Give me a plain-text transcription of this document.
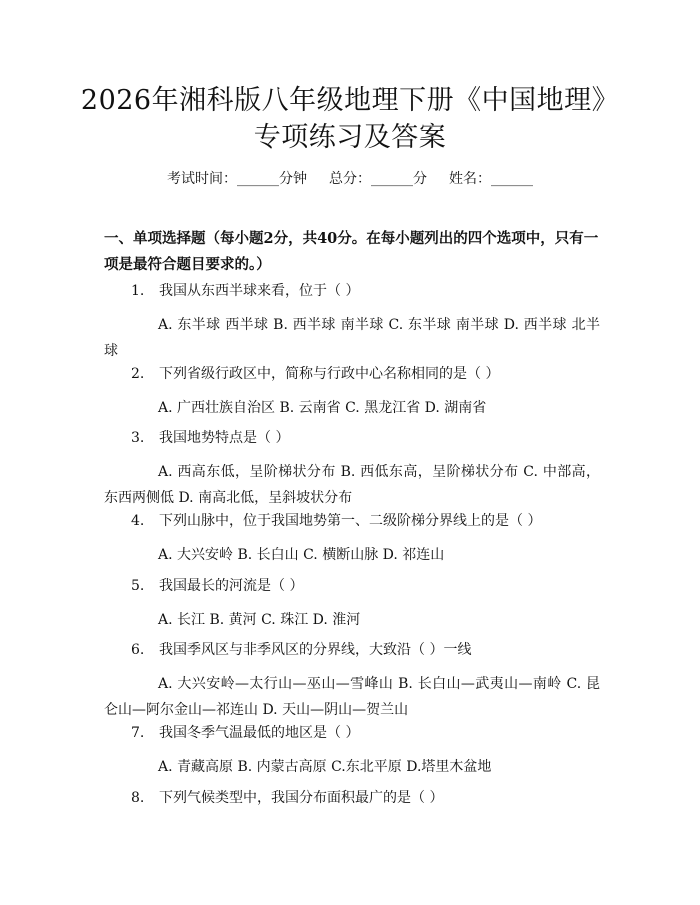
2026年湘科版八年级地理下册《中国地理》
专项练习及答案
考试时间：______分钟 总分：______分 姓名：______
一、单项选择题（每小题2分，共40分。在每小题列出的四个选项中，只有一项是最符合题目要求的。）
1. 我国从东西半球来看，位于（ ）
A. 东半球 西半球 B. 西半球 南半球 C. 东半球 南半球 D. 西半球 北半球
2. 下列省级行政区中，简称与行政中心名称相同的是（ ）
A. 广西壮族自治区 B. 云南省 C. 黑龙江省 D. 湖南省
3. 我国地势特点是（ ）
A. 西高东低，呈阶梯状分布 B. 西低东高，呈阶梯状分布 C. 中部高，东西两侧低 D. 南高北低，呈斜坡状分布
4. 下列山脉中，位于我国地势第一、二级阶梯分界线上的是（ ）
A. 大兴安岭 B. 长白山 C. 横断山脉 D. 祁连山
5. 我国最长的河流是（ ）
A. 长江 B. 黄河 C. 珠江 D. 淮河
6. 我国季风区与非季风区的分界线，大致沿（ ）一线
A. 大兴安岭—太行山—巫山—雪峰山 B. 长白山—武夷山—南岭 C. 昆仑山—阿尔金山—祁连山 D. 天山—阴山—贺兰山
7. 我国冬季气温最低的地区是（ ）
A. 青藏高原 B. 内蒙古高原 C.东北平原 D.塔里木盆地
8. 下列气候类型中，我国分布面积最广的是（ ）
